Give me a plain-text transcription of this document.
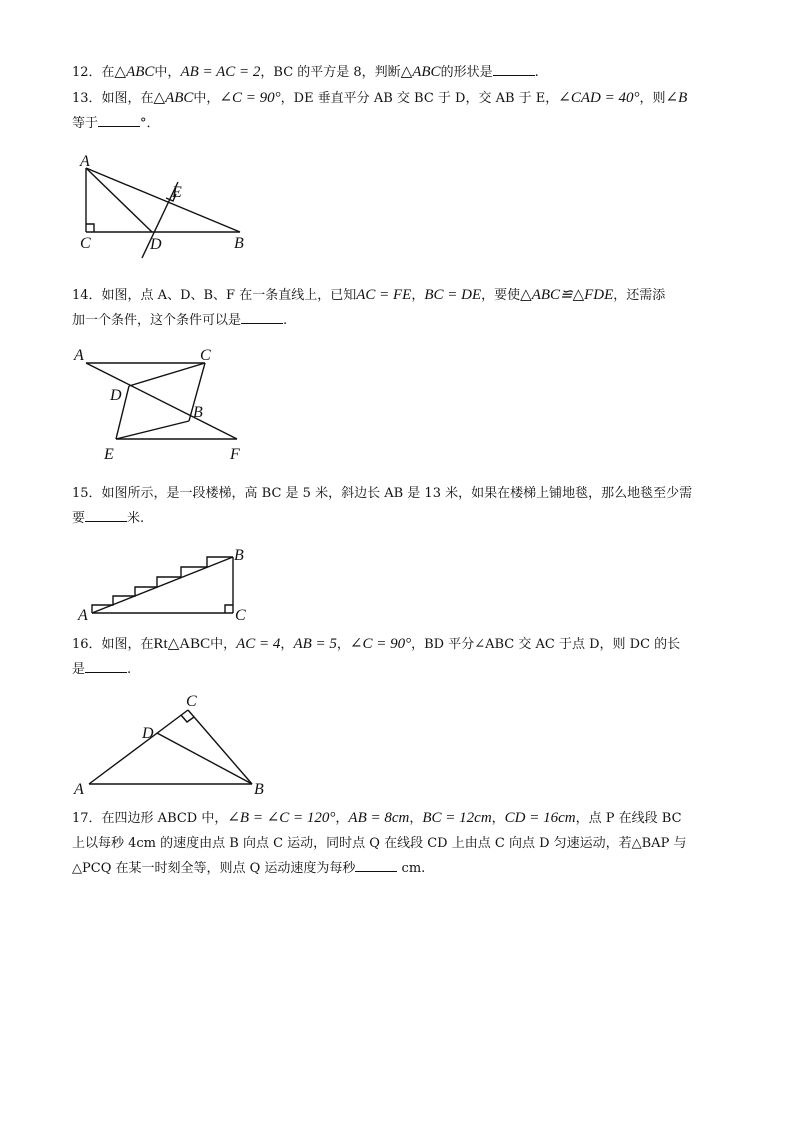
12．在△ABC中，AB = AC = 2，BC 的平方是 8，判断△ABC的形状是	.

13．如图，在△ABC中，∠C = 90°，DE 垂直平分 AB 交 BC 于 D，交 AB 于 E，∠CAD = 40°，则∠B

等于	°．

A
C	D	B
E

14．如图，点 A、D、B、F 在一条直线上，已知AC = FE，BC = DE，要使△ABC≌△FDE，还需添

加一个条件，这个条件可以是	.

A	C
D
B
E	F

15．如图所示，是一段楼梯，高 BC 是 5 米，斜边长 AB 是 13 米，如果在楼梯上铺地毯，那么地毯至少需

要	米.

A
B
C

16．如图，在Rt△ABC中，AC = 4，AB = 5，∠C = 90°，BD 平分∠ABC 交 AC 于点 D，则 DC 的长

是	.

C
D
A	B

17．在四边形 ABCD 中，∠B = ∠C = 120°，AB = 8cm，BC = 12cm，CD = 16cm，点 P 在线段 BC

上以每秒 4cm 的速度由点 B 向点 C 运动，同时点 Q 在线段 CD 上由点 C 向点 D 匀速运动，若△BAP 与

△PCQ 在某一时刻全等，则点 Q 运动速度为每秒	cm.
